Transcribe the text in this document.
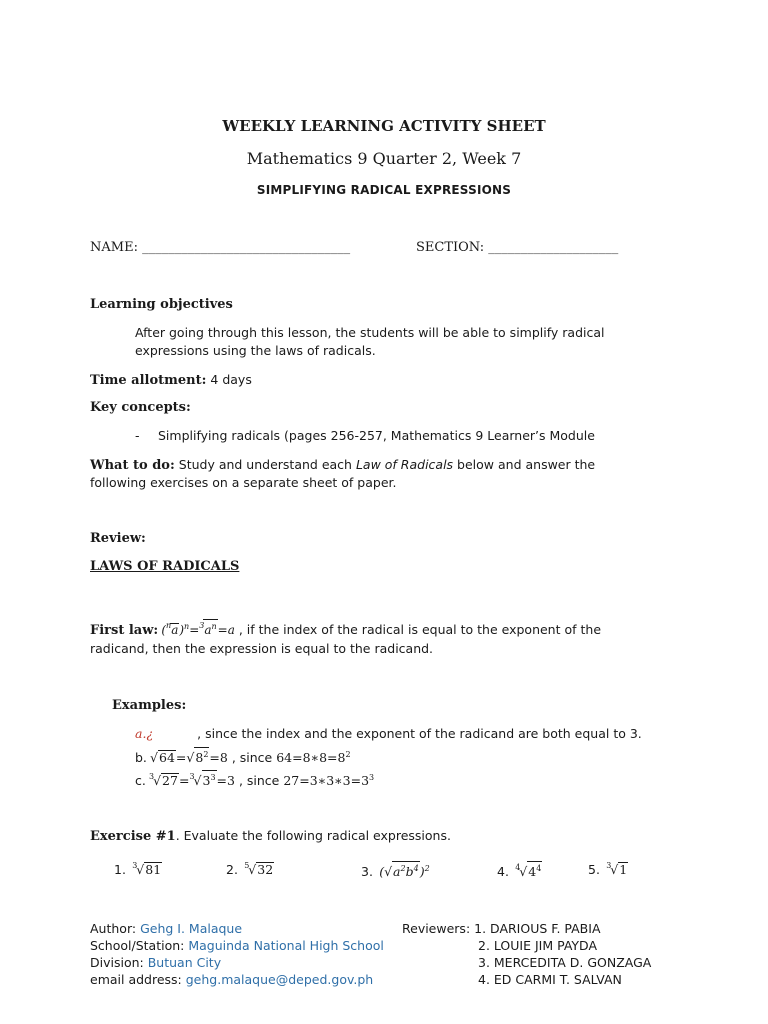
WEEKLY LEARNING ACTIVITY SHEET
Mathematics 9 Quarter 2, Week 7
SIMPLIFYING RADICAL EXPRESSIONS
NAME: ________________________________	SECTION: ____________________
Learning objectives
After going through this lesson, the students will be able to simplify radical
expressions using the laws of radicals.
Time allotment: 4 days
Key concepts:
- Simplifying radicals (pages 256-257, Mathematics 9 Learner’s Module
What to do: Study and understand each Law of Radicals below and answer the
following exercises on a separate sheet of paper.
Review:
LAWS OF RADICALS
First law: $(^na)^n=^3a^n=a$ , if the index of the radical is equal to the exponent of the
radicand, then the expression is equal to the radicand.
Examples:
a.¿	, since the index and the exponent of the radicand are both equal to 3.
b. $√64=√8^2=8$ , since $64=8∗8=8^2$
c. $^3√27=^3√3^3=3$ , since $27=3∗3∗3=3^3$
Exercise #1. Evaluate the following radical expressions.
1. $^3$√81	2. $^5$√32	3. $(√a^2b^4)^2$	4. $^4√4^4$	5. $^3$√1
Author: Gehg I. Malaque
School/Station: Maguinda National High School
Division: Butuan City
email address: gehg.malaque@deped.gov.ph
Reviewers: 1. DARIOUS F. PABIA
2. LOUIE JIM PAYDA
3. MERCEDITA D. GONZAGA
4. ED CARMI T. SALVAN
